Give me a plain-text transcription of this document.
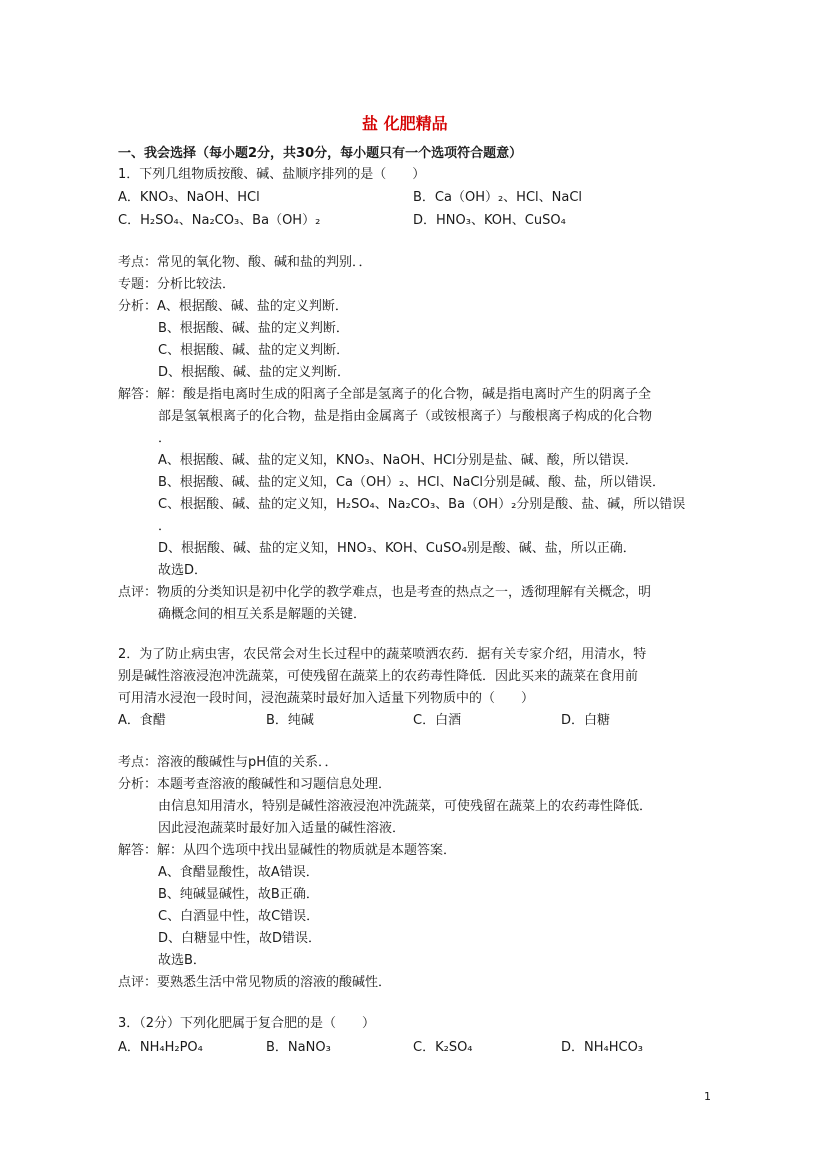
盐 化肥精品
一、我会选择（每小题2分，共30分，每小题只有一个选项符合题意）
1．下列几组物质按酸、碱、盐顺序排列的是（　　）
A．KNO₃、NaOH、HCl	B．Ca（OH）₂、HCl、NaCl
C．H₂SO₄、Na₂CO₃、Ba（OH）₂	D．HNO₃、KOH、CuSO₄
考点：常见的氧化物、酸、碱和盐的判别．．
专题：分析比较法．
分析：A、根据酸、碱、盐的定义判断．
B、根据酸、碱、盐的定义判断．
C、根据酸、碱、盐的定义判断．
D、根据酸、碱、盐的定义判断．
解答：解：酸是指电离时生成的阳离子全部是氢离子的化合物，碱是指电离时产生的阴离子全
部是氢氧根离子的化合物，盐是指由金属离子（或铵根离子）与酸根离子构成的化合物
．
A、根据酸、碱、盐的定义知，KNO₃、NaOH、HCl分别是盐、碱、酸，所以错误．
B、根据酸、碱、盐的定义知，Ca（OH）₂、HCl、NaCl分别是碱、酸、盐，所以错误．
C、根据酸、碱、盐的定义知，H₂SO₄、Na₂CO₃、Ba（OH）₂分别是酸、盐、碱，所以错误
．
D、根据酸、碱、盐的定义知，HNO₃、KOH、CuSO₄别是酸、碱、盐，所以正确．
故选D．
点评：物质的分类知识是初中化学的教学难点，也是考查的热点之一，透彻理解有关概念，明
确概念间的相互关系是解题的关键．
2．为了防止病虫害，农民常会对生长过程中的蔬菜喷洒农药．据有关专家介绍，用清水，特
别是碱性溶液浸泡冲洗蔬菜，可使残留在蔬菜上的农药毒性降低．因此买来的蔬菜在食用前
可用清水浸泡一段时间，浸泡蔬菜时最好加入适量下列物质中的（　　）
A．食醋	B．纯碱	C．白酒	D．白糖
考点：溶液的酸碱性与pH值的关系．．
分析：本题考查溶液的酸碱性和习题信息处理．
由信息知用清水，特别是碱性溶液浸泡冲洗蔬菜，可使残留在蔬菜上的农药毒性降低．
因此浸泡蔬菜时最好加入适量的碱性溶液．
解答：解：从四个选项中找出显碱性的物质就是本题答案．
A、食醋显酸性，故A错误．
B、纯碱显碱性，故B正确．
C、白酒显中性，故C错误．
D、白糖显中性，故D错误．
故选B．
点评：要熟悉生活中常见物质的溶液的酸碱性．
3．（2分）下列化肥属于复合肥的是（　　）
A．NH₄H₂PO₄	B．NaNO₃	C．K₂SO₄	D．NH₄HCO₃
1
